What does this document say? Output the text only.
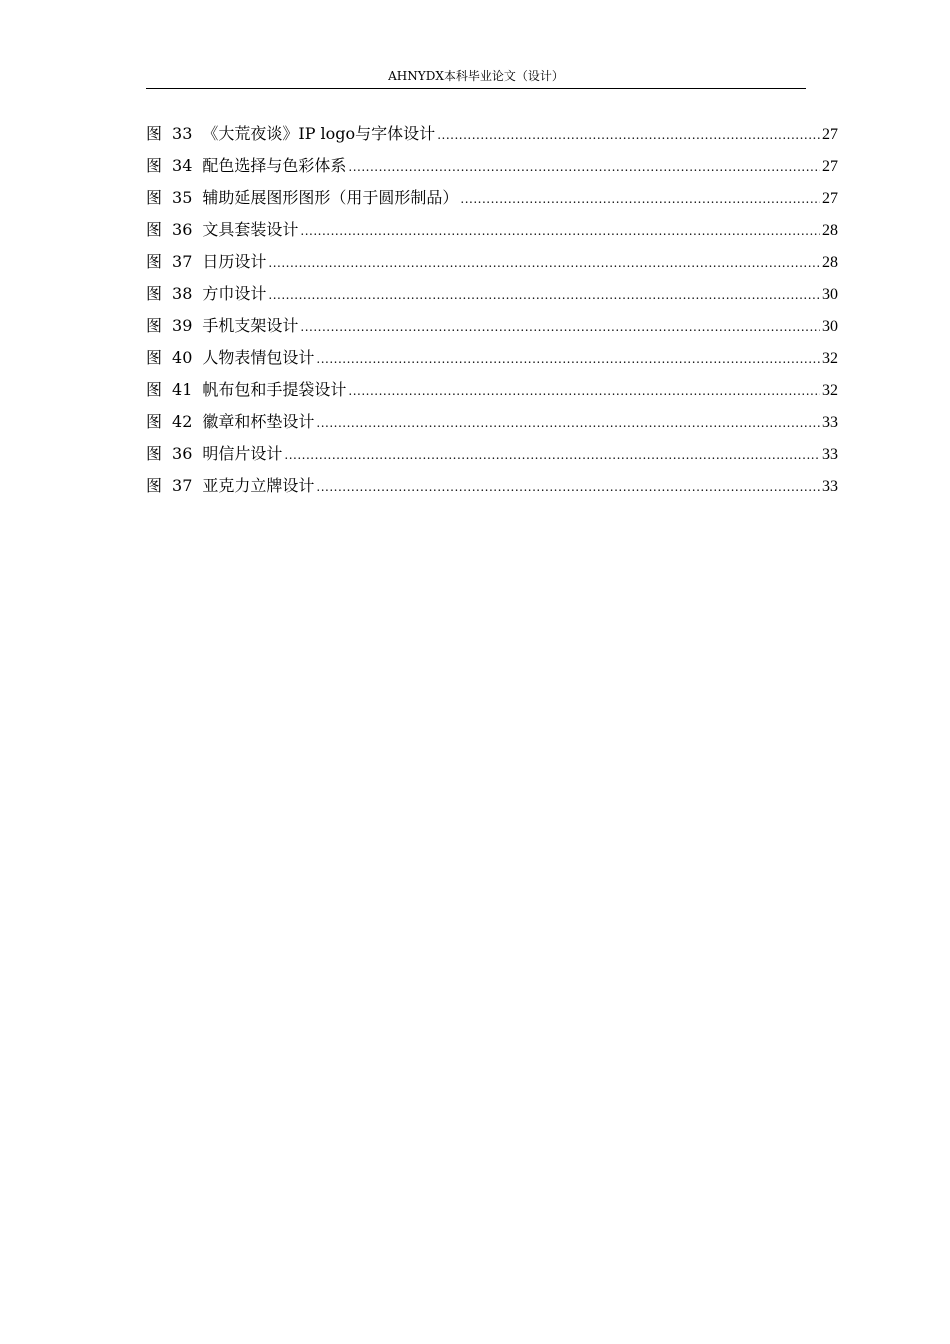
AHNYDX本科毕业论文（设计）
图 33 《大荒夜谈》IP logo与字体设计 .....	27
图 34 配色选择与色彩体系 .....	27
图 35 辅助延展图形图形（用于圆形制品） .....	27
图 36 文具套装设计 .....	28
图 37 日历设计 .....	28
图 38 方巾设计 .....	30
图 39 手机支架设计 .....	30
图 40 人物表情包设计 .....	32
图 41 帆布包和手提袋设计 .....	32
图 42 徽章和杯垫设计 .....	33
图 36 明信片设计 .....	33
图 37 亚克力立牌设计 .....	33
